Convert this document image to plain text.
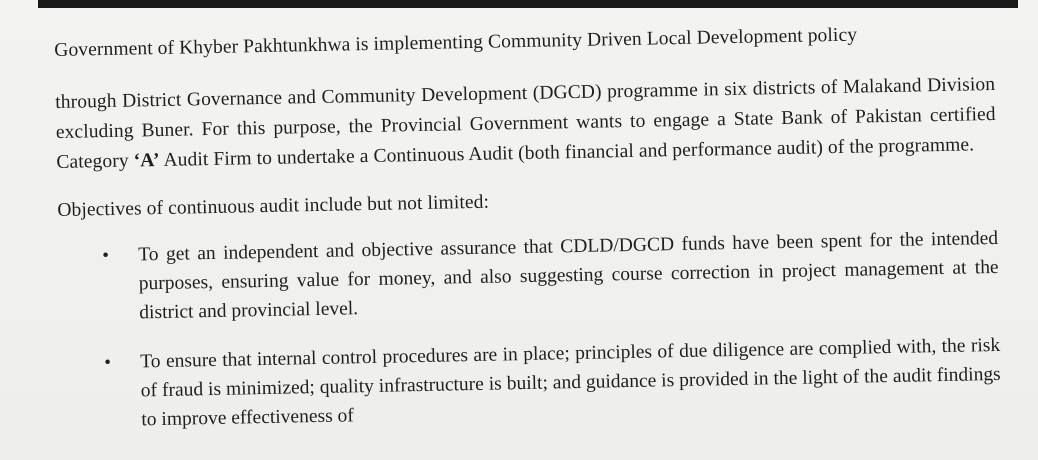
Government of Khyber Pakhtunkhwa is implementing Community Driven Local Development policy

through District Governance and Community Development (DGCD) programme in six districts of Malakand Division excluding Buner. For this purpose, the Provincial Government wants to engage a State Bank of Pakistan certified Category ‘A’ Audit Firm to undertake a Continuous Audit (both financial and performance audit) of the programme.

Objectives of continuous audit include but not limited:

• To get an independent and objective assurance that CDLD/DGCD funds have been spent for the intended purposes, ensuring value for money, and also suggesting course correction in project management at the district and provincial level.
• To ensure that internal control procedures are in place; principles of due diligence are complied with, the risk of fraud is minimized; quality infrastructure is built; and guidance is provided in the light of the audit findings to improve effectiveness of
